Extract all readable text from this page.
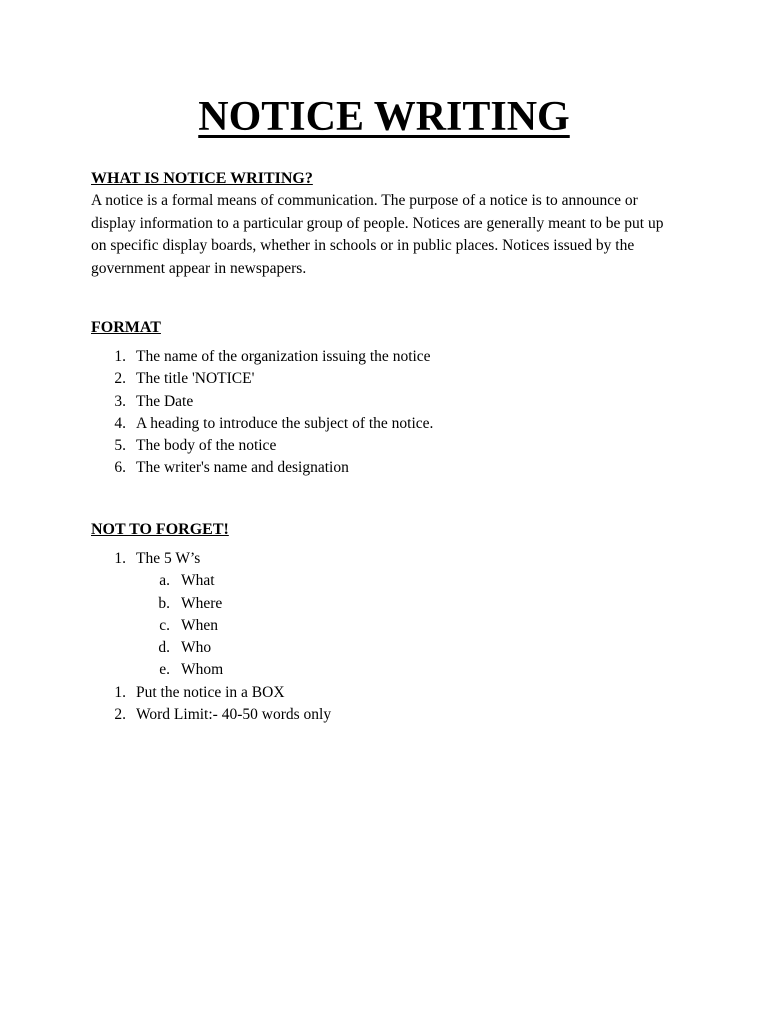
NOTICE WRITING
WHAT IS NOTICE WRITING?

A notice is a formal means of communication. The purpose of a notice is to announce or display information to a particular group of people. Notices are generally meant to be put up on specific display boards, whether in schools or in public places. Notices issued by the government appear in newspapers.

FORMAT
1. The name of the organization issuing the notice
2. The title 'NOTICE'
3. The Date
4. A heading to introduce the subject of the notice.
5. The body of the notice
6. The writer's name and designation
NOT TO FORGET!
1. The 5 W’s
a. What
b. Where
c. When
d. Who
e. Whom
1. Put the notice in a BOX
2. Word Limit:- 40-50 words only
